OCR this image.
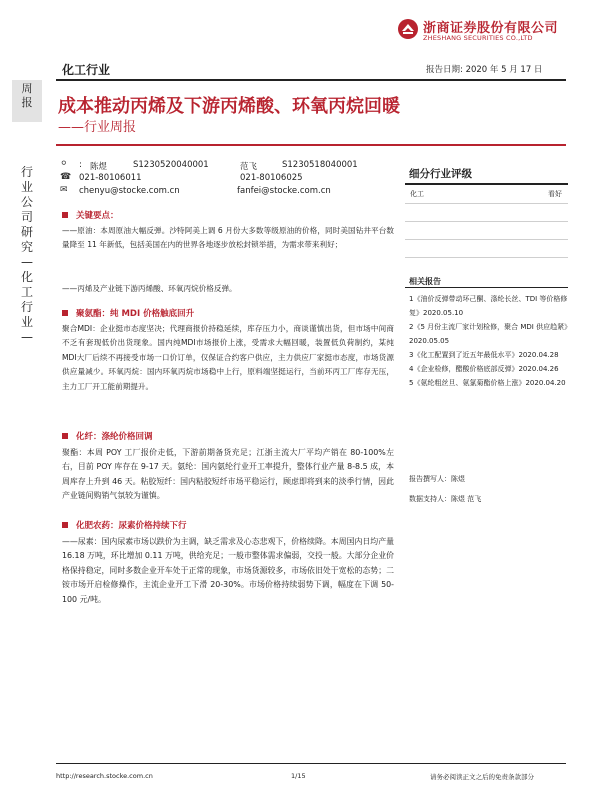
浙商证券股份有限公司
ZHESHANG SECURITIES CO.,LTD
化工行业	报告日期: 2020 年 5 月 17 日
周
报
行
业
公
司
研
究
—
化
工
行
业
—
成本推动丙烯及下游丙烯酸、环氧丙烷回暖
——行业周报
⚪ : 陈煜	S1230520040001	范飞	S1230518040001
☎ 021-80106011	021-80106025
✉ chenyu@stocke.com.cn	fanfei@stocke.com.cn
细分行业评级
化工	看好
相关报告
1《油价反弹带动环己酮、涤纶长丝、TDI 等价格修复》2020.05.10
2《5 月份主流厂家计划检修，聚合 MDI 供应趋紧》2020.05.05
3《化工配置到了近五年最低水平》2020.04.28
4《企业检修，醋酸价格底部反弹》2020.04.26
5《氨纶粗丝旦、氨氯菊酯价格上涨》2020.04.20
报告撰写人：陈煜
数据支持人：陈煜 范飞
关键要点：
——原油：本周原油大幅反弹。沙特阿美上调 6 月份大多数等级原油的价格，同时美国钻井平台数量降至 11 年新低，包括美国在内的世界各地逐步放松封锁举措，为需求带来利好；
——丙烯及产业链下游丙烯酸、环氧丙烷价格反弹。
聚氨酯：纯 MDI 价格触底回升
聚合MDI：企业挺市态度坚决；代理商报价持稳延续，库存压力小，商谈谨慎出货，但市场中间商不乏有套现低价出货现象。国内纯MDI市场报价上涨，受需求大幅回暖，装置低负荷制约，某纯MDI大厂后续不再接受市场一口价订单，仅保证合约客户供应，主力供应厂家挺市态度，市场货源供应量减少。环氧丙烷：国内环氧丙烷市场稳中上行，原料端坚挺运行，当前环丙工厂库存无压，主力工厂开工能前期提升。
化纤：涤纶价格回调
聚酯：本周 POY 工厂报价走低，下游前期备货充足；江浙主流大厂平均产销在 80-100%左右，目前 POY 库存在 9-17 天。氨纶：国内氨纶行业开工率提升，整体行业产量 8-8.5 成，本周库存上升到 46 天。粘胶短纤：国内粘胶短纤市场平稳运行，顾虑即将到来的淡季行情，因此产业链间购销气氛较为谨慎。
化肥农药：尿素价格持续下行
——尿素：国内尿素市场以跌价为主调，缺乏需求及心态悲观下，价格续降。本周国内日均产量 16.18 万吨，环比增加 0.11 万吨，供给充足；一般市整体需求偏弱，交投一般。大部分企业价格保持稳定，同时多数企业开车处于正常的现象，市场货源较多，市场依旧处于宽松的态势；二铵市场开启检修操作，主流企业开工下滑 20-30%。市场价格持续弱势下调，幅度在下调 50-100 元/吨。
http://research.stocke.com.cn	1/15	请务必阅读正文之后的免责条款部分
